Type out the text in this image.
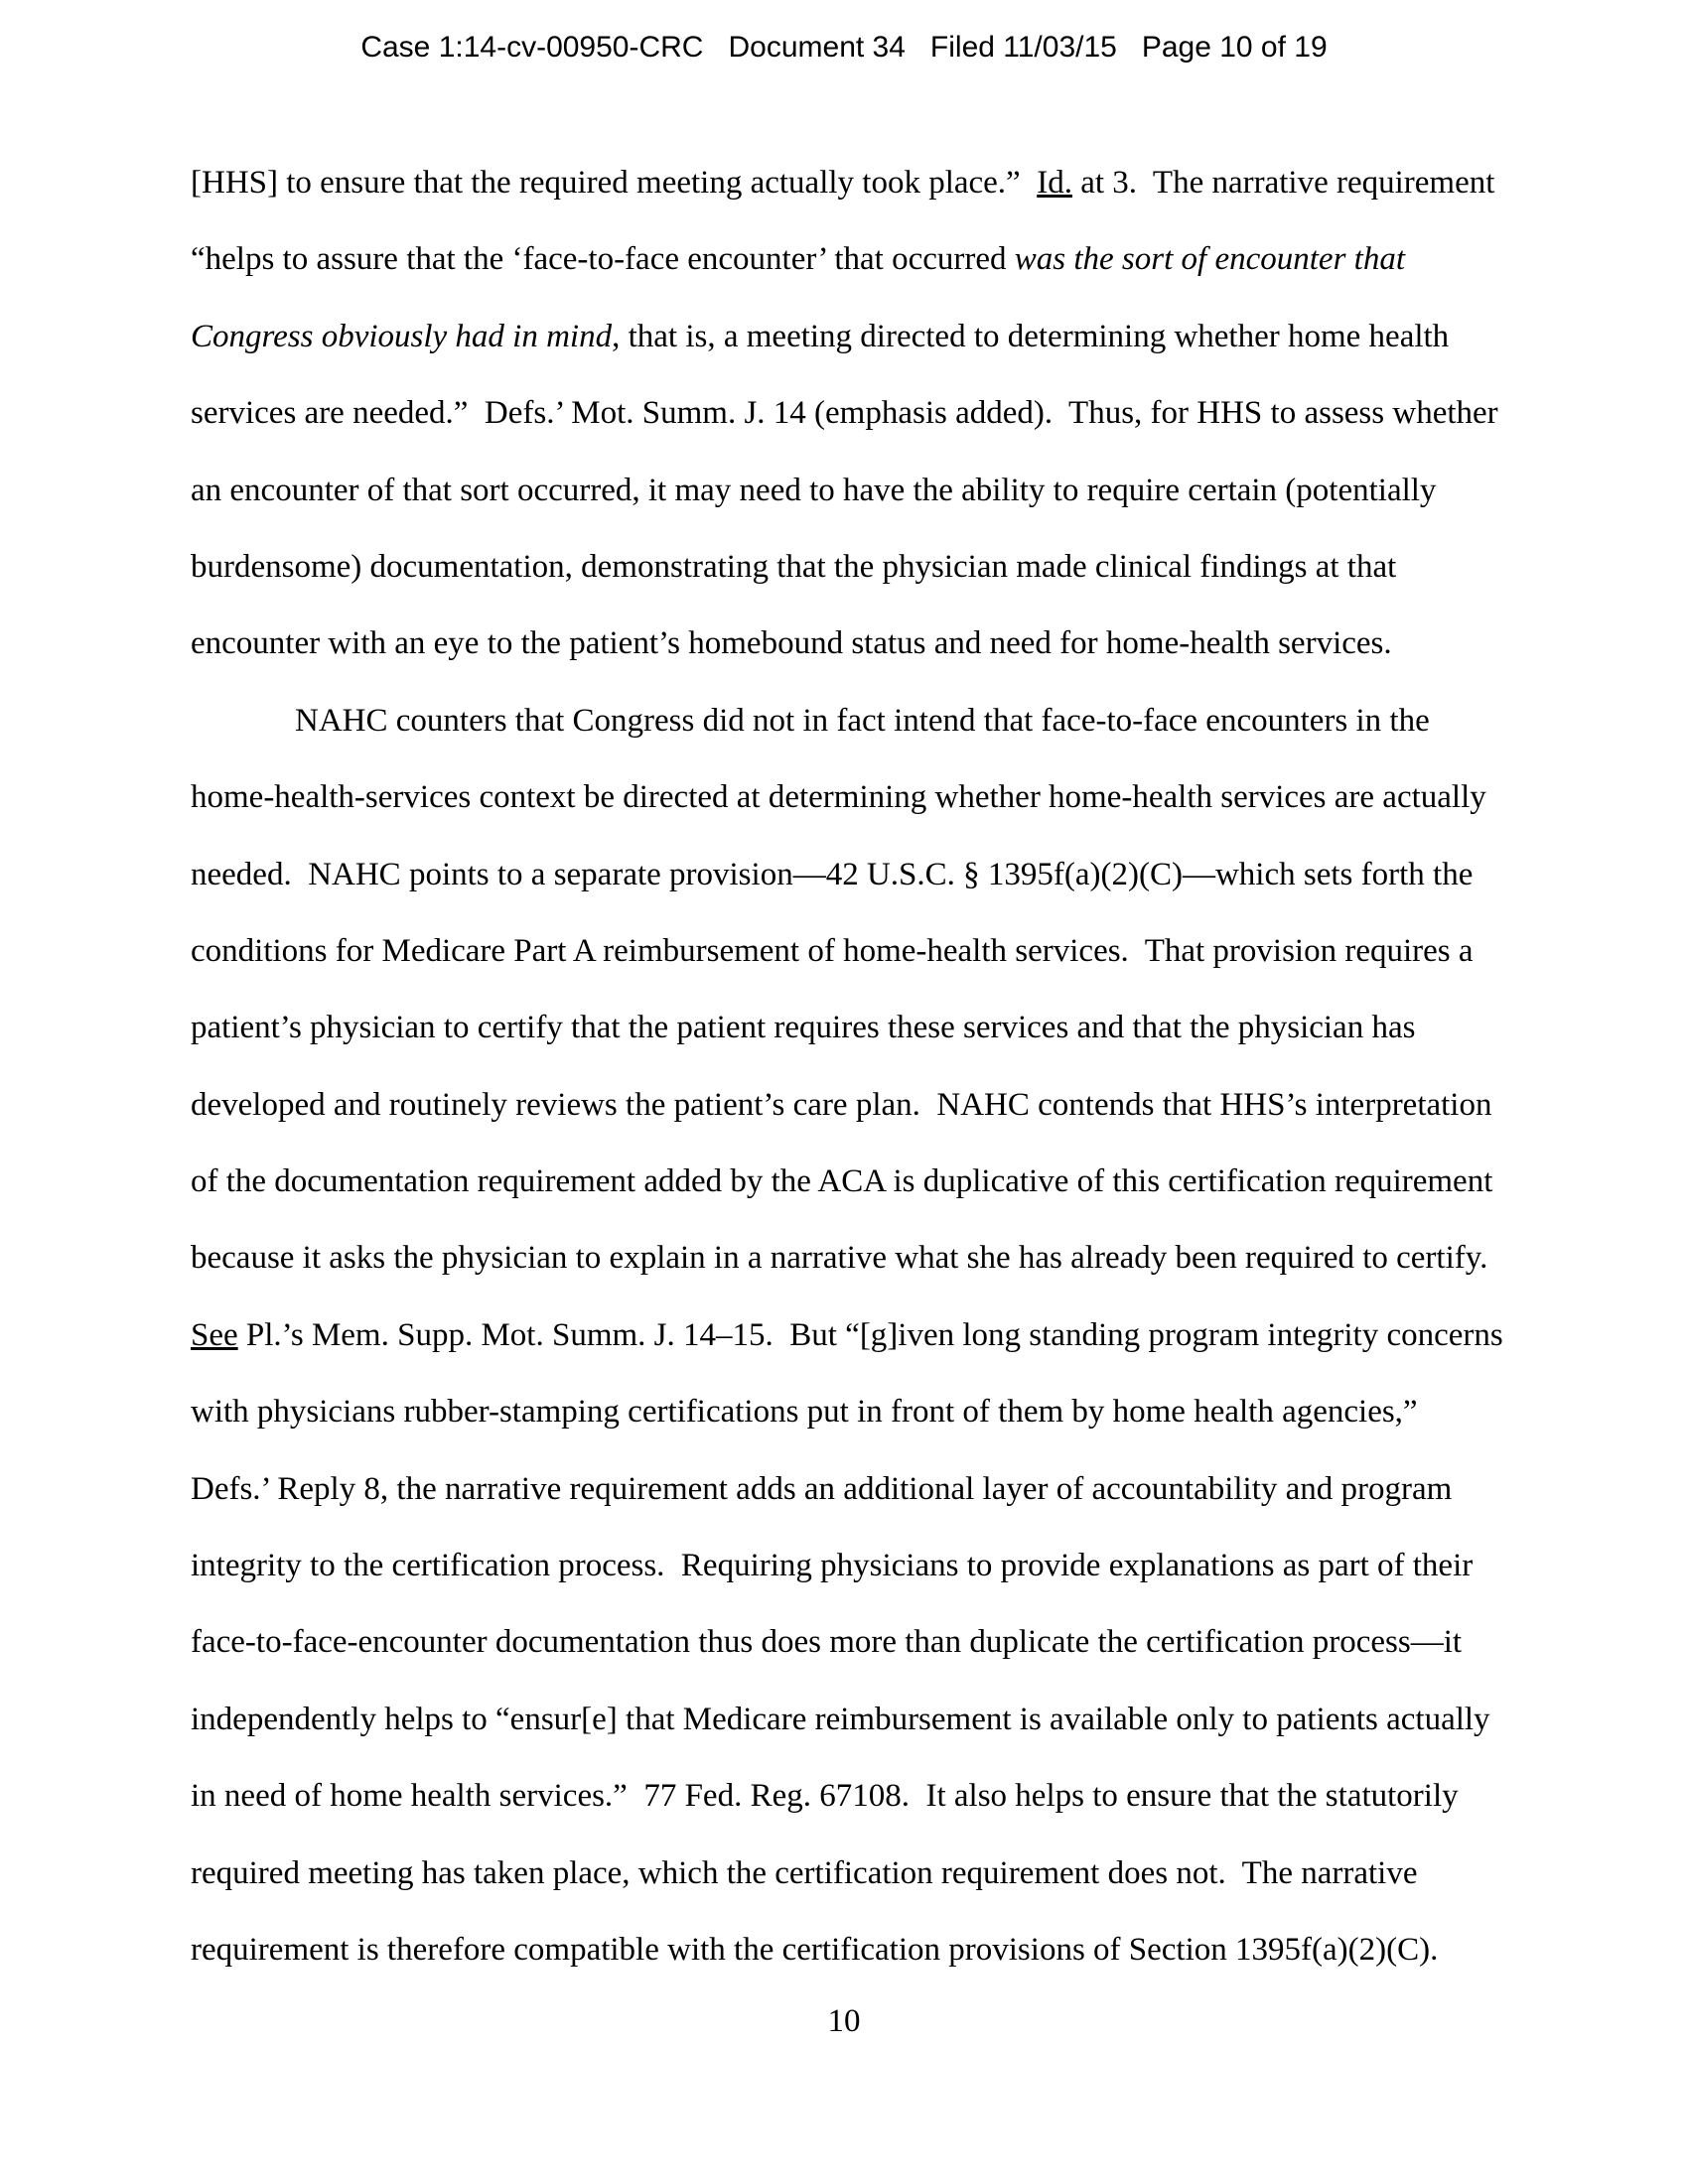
Case 1:14-cv-00950-CRC   Document 34   Filed 11/03/15   Page 10 of 19
[HHS] to ensure that the required meeting actually took place.”  Id. at 3.  The narrative requirement
“helps to assure that the ‘face-to-face encounter’ that occurred was the sort of encounter that
Congress obviously had in mind, that is, a meeting directed to determining whether home health
services are needed.”  Defs.’ Mot. Summ. J. 14 (emphasis added).  Thus, for HHS to assess whether
an encounter of that sort occurred, it may need to have the ability to require certain (potentially
burdensome) documentation, demonstrating that the physician made clinical findings at that
encounter with an eye to the patient’s homebound status and need for home-health services.
NAHC counters that Congress did not in fact intend that face-to-face encounters in the
home-health-services context be directed at determining whether home-health services are actually
needed.  NAHC points to a separate provision—42 U.S.C. § 1395f(a)(2)(C)—which sets forth the
conditions for Medicare Part A reimbursement of home-health services.  That provision requires a
patient’s physician to certify that the patient requires these services and that the physician has
developed and routinely reviews the patient’s care plan.  NAHC contends that HHS’s interpretation
of the documentation requirement added by the ACA is duplicative of this certification requirement
because it asks the physician to explain in a narrative what she has already been required to certify.
See Pl.’s Mem. Supp. Mot. Summ. J. 14–15.  But “[g]iven long standing program integrity concerns
with physicians rubber-stamping certifications put in front of them by home health agencies,”
Defs.’ Reply 8, the narrative requirement adds an additional layer of accountability and program
integrity to the certification process.  Requiring physicians to provide explanations as part of their
face-to-face-encounter documentation thus does more than duplicate the certification process—it
independently helps to “ensur[e] that Medicare reimbursement is available only to patients actually
in need of home health services.”  77 Fed. Reg. 67108.  It also helps to ensure that the statutorily
required meeting has taken place, which the certification requirement does not.  The narrative
requirement is therefore compatible with the certification provisions of Section 1395f(a)(2)(C).
10
